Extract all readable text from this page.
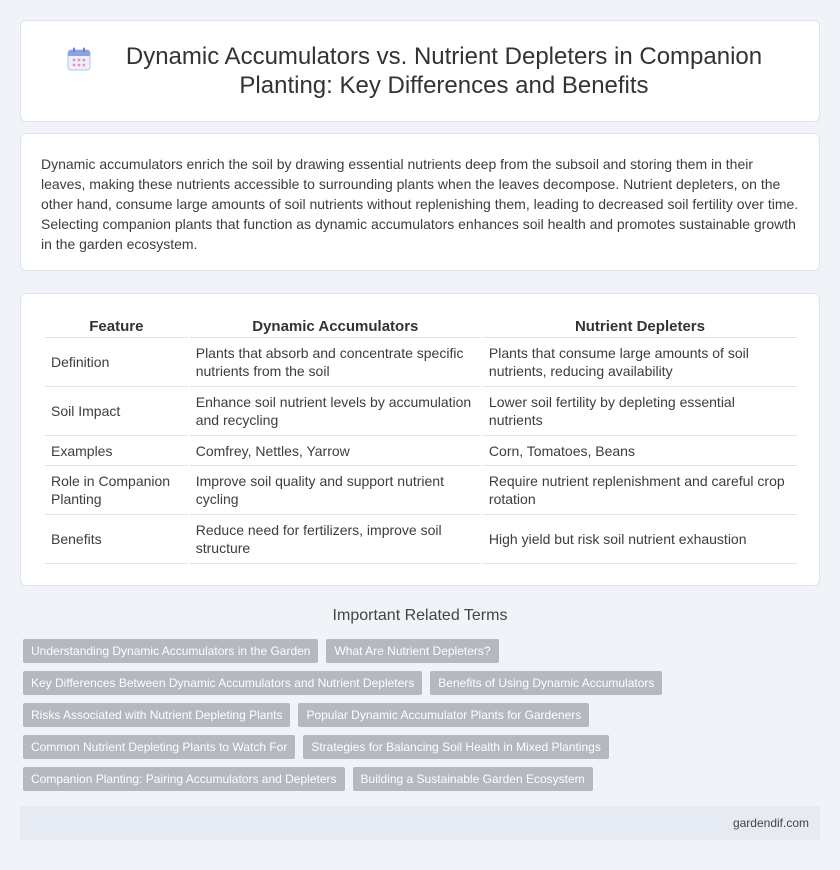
Dynamic Accumulators vs. Nutrient Depleters in Companion Planting: Key Differences and Benefits

Dynamic accumulators enrich the soil by drawing essential nutrients deep from the subsoil and storing them in their leaves, making these nutrients accessible to surrounding plants when the leaves decompose. Nutrient depleters, on the other hand, consume large amounts of soil nutrients without replenishing them, leading to decreased soil fertility over time. Selecting companion plants that function as dynamic accumulators enhances soil health and promotes sustainable growth in the garden ecosystem.

Feature	Dynamic Accumulators	Nutrient Depleters
Definition	Plants that absorb and concentrate specific nutrients from the soil	Plants that consume large amounts of soil nutrients, reducing availability
Soil Impact	Enhance soil nutrient levels by accumulation and recycling	Lower soil fertility by depleting essential nutrients
Examples	Comfrey, Nettles, Yarrow	Corn, Tomatoes, Beans
Role in Companion Planting	Improve soil quality and support nutrient cycling	Require nutrient replenishment and careful crop rotation
Benefits	Reduce need for fertilizers, improve soil structure	High yield but risk soil nutrient exhaustion
Important Related Terms
Understanding Dynamic Accumulators in the Garden	What Are Nutrient Depleters?
Key Differences Between Dynamic Accumulators and Nutrient Depleters	Benefits of Using Dynamic Accumulators
Risks Associated with Nutrient Depleting Plants	Popular Dynamic Accumulator Plants for Gardeners
Common Nutrient Depleting Plants to Watch For	Strategies for Balancing Soil Health in Mixed Plantings
Companion Planting: Pairing Accumulators and Depleters	Building a Sustainable Garden Ecosystem
gardendif.com
